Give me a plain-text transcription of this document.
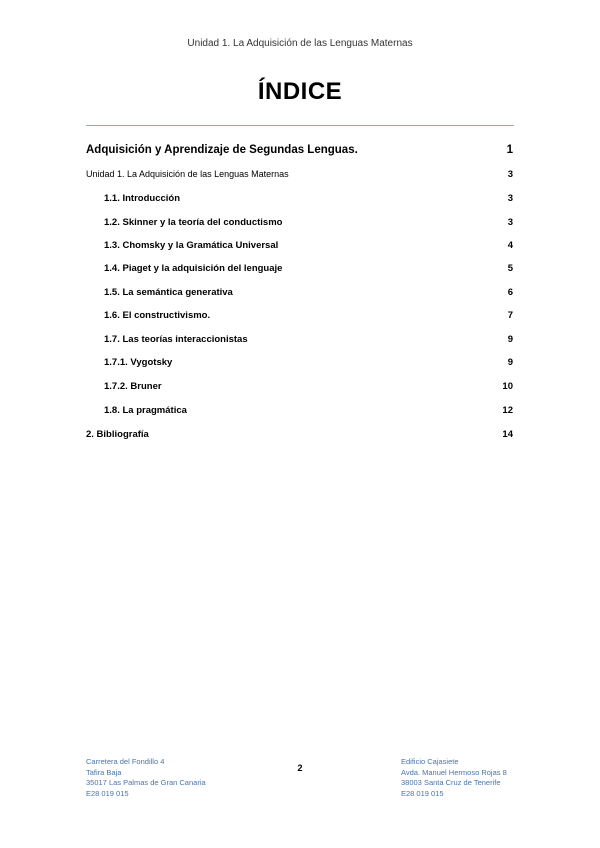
Unidad 1. La Adquisición de las Lenguas Maternas
ÍNDICE
Adquisición y Aprendizaje de Segundas Lenguas.	1
Unidad 1. La Adquisición de las Lenguas Maternas	3
1.1. Introducción	3
1.2. Skinner y la teoría del conductismo	3
1.3. Chomsky y la Gramática Universal	4
1.4. Piaget y la adquisición del lenguaje	5
1.5. La semántica generativa	6
1.6. El constructivismo.	7
1.7. Las teorías interaccionistas	9
1.7.1. Vygotsky	9
1.7.2. Bruner	10
1.8. La pragmática	12
2. Bibliografía	14
2
Carretera del Fondillo 4
Tafira Baja
35017 Las Palmas de Gran Canaria
E28 019 015
Edificio Cajasiete
Avda. Manuel Hermoso Rojas 8
38003 Santa Cruz de Tenerife
E28 019 015
